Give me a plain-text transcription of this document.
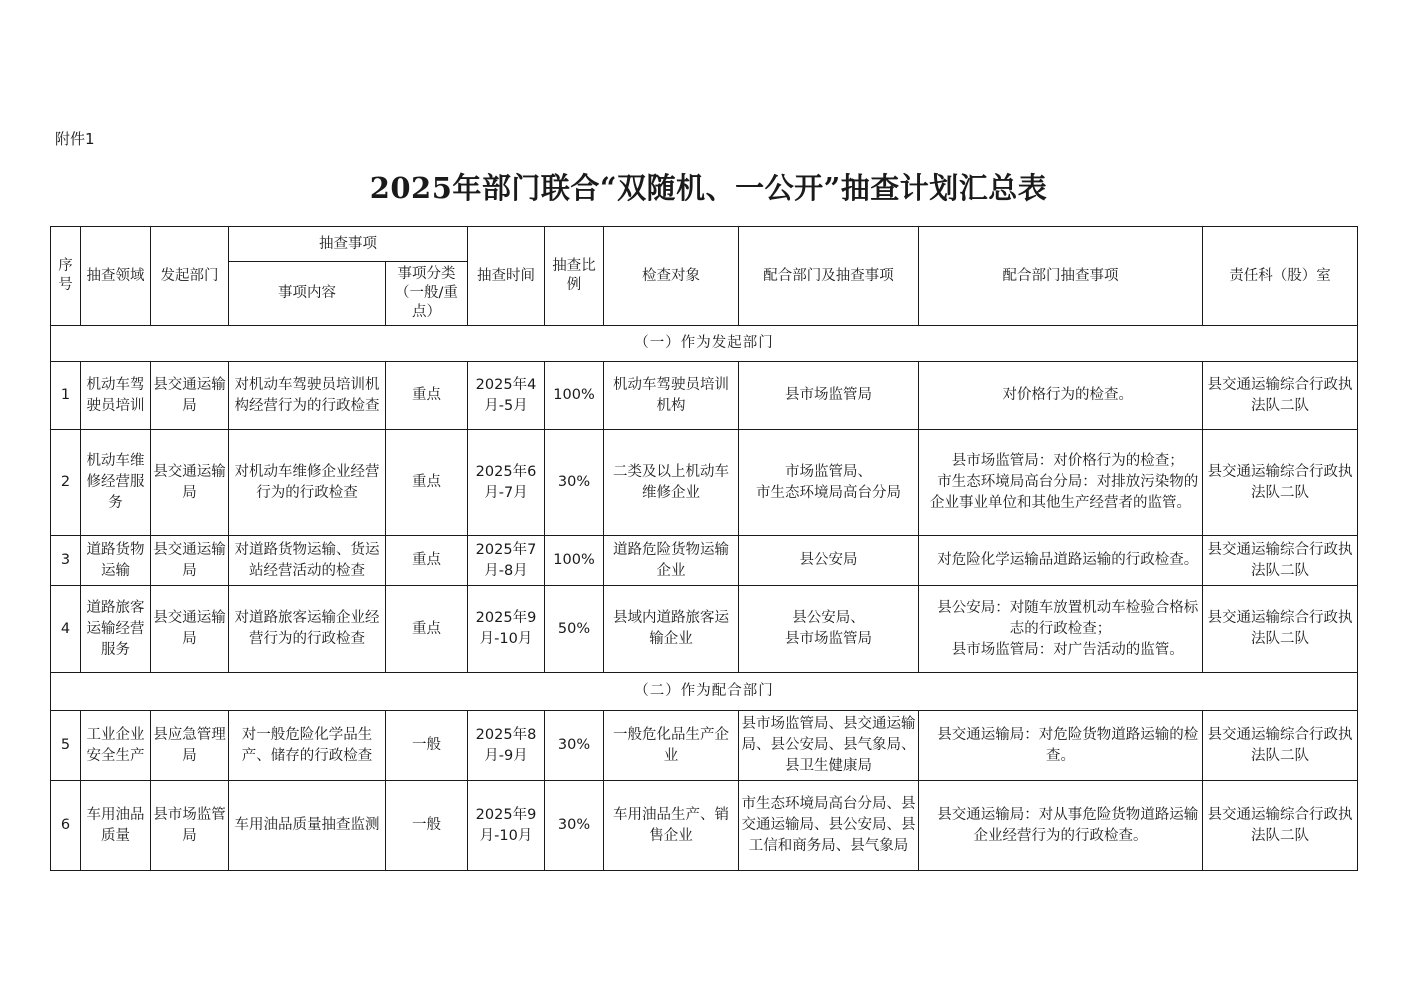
附件1
2025年部门联合“双随机、一公开”抽查计划汇总表
序号	抽查领域	发起部门	抽查事项		抽查时间	抽查比例	检查对象	配合部门及抽查事项	配合部门抽查事项	责任科（股）室
			事项内容	事项分类（一般/重点）						
（一）作为发起部门										
1	机动车驾驶员培训	县交通运输局	对机动车驾驶员培训机构经营行为的行政检查	重点	2025年4月-5月	100%	机动车驾驶员培训机构	县市场监管局	　对价格行为的检查。	县交通运输综合行政执法队二队
2	机动车维修经营服务	县交通运输局	对机动车维修企业经营行为的行政检查	重点	2025年6月-7月	30%	二类及以上机动车维修企业	市场监管局、
市生态环境局高台分局	　县市场监管局：对价格行为的检查；
　市生态环境局高台分局：对排放污染物的企业事业单位和其他生产经营者的监管。	县交通运输综合行政执法队二队
3	道路货物运输	县交通运输局	对道路货物运输、货运站经营活动的检查	重点	2025年7月-8月	100%	道路危险货物运输企业	县公安局	　对危险化学运输品道路运输的行政检查。	县交通运输综合行政执法队二队
4	道路旅客运输经营服务	县交通运输局	对道路旅客运输企业经营行为的行政检查	重点	2025年9月-10月	50%	县域内道路旅客运输企业	县公安局、
县市场监管局	　县公安局：对随车放置机动车检验合格标志的行政检查；
　县市场监管局：对广告活动的监管。	县交通运输综合行政执法队二队
（二）作为配合部门										
5	工业企业安全生产	县应急管理局	对一般危险化学品生产、储存的行政检查	一般	2025年8月-9月	30%	一般危化品生产企业	县市场监管局、县交通运输局、县公安局、县气象局、县卫生健康局	　县交通运输局：对危险货物道路运输的检查。	县交通运输综合行政执法队二队
6	车用油品质量	县市场监管局	车用油品质量抽查监测	一般	2025年9月-10月	30%	车用油品生产、销售企业	市生态环境局高台分局、县交通运输局、县公安局、县工信和商务局、县气象局	　县交通运输局：对从事危险货物道路运输企业经营行为的行政检查。	县交通运输综合行政执法队二队
